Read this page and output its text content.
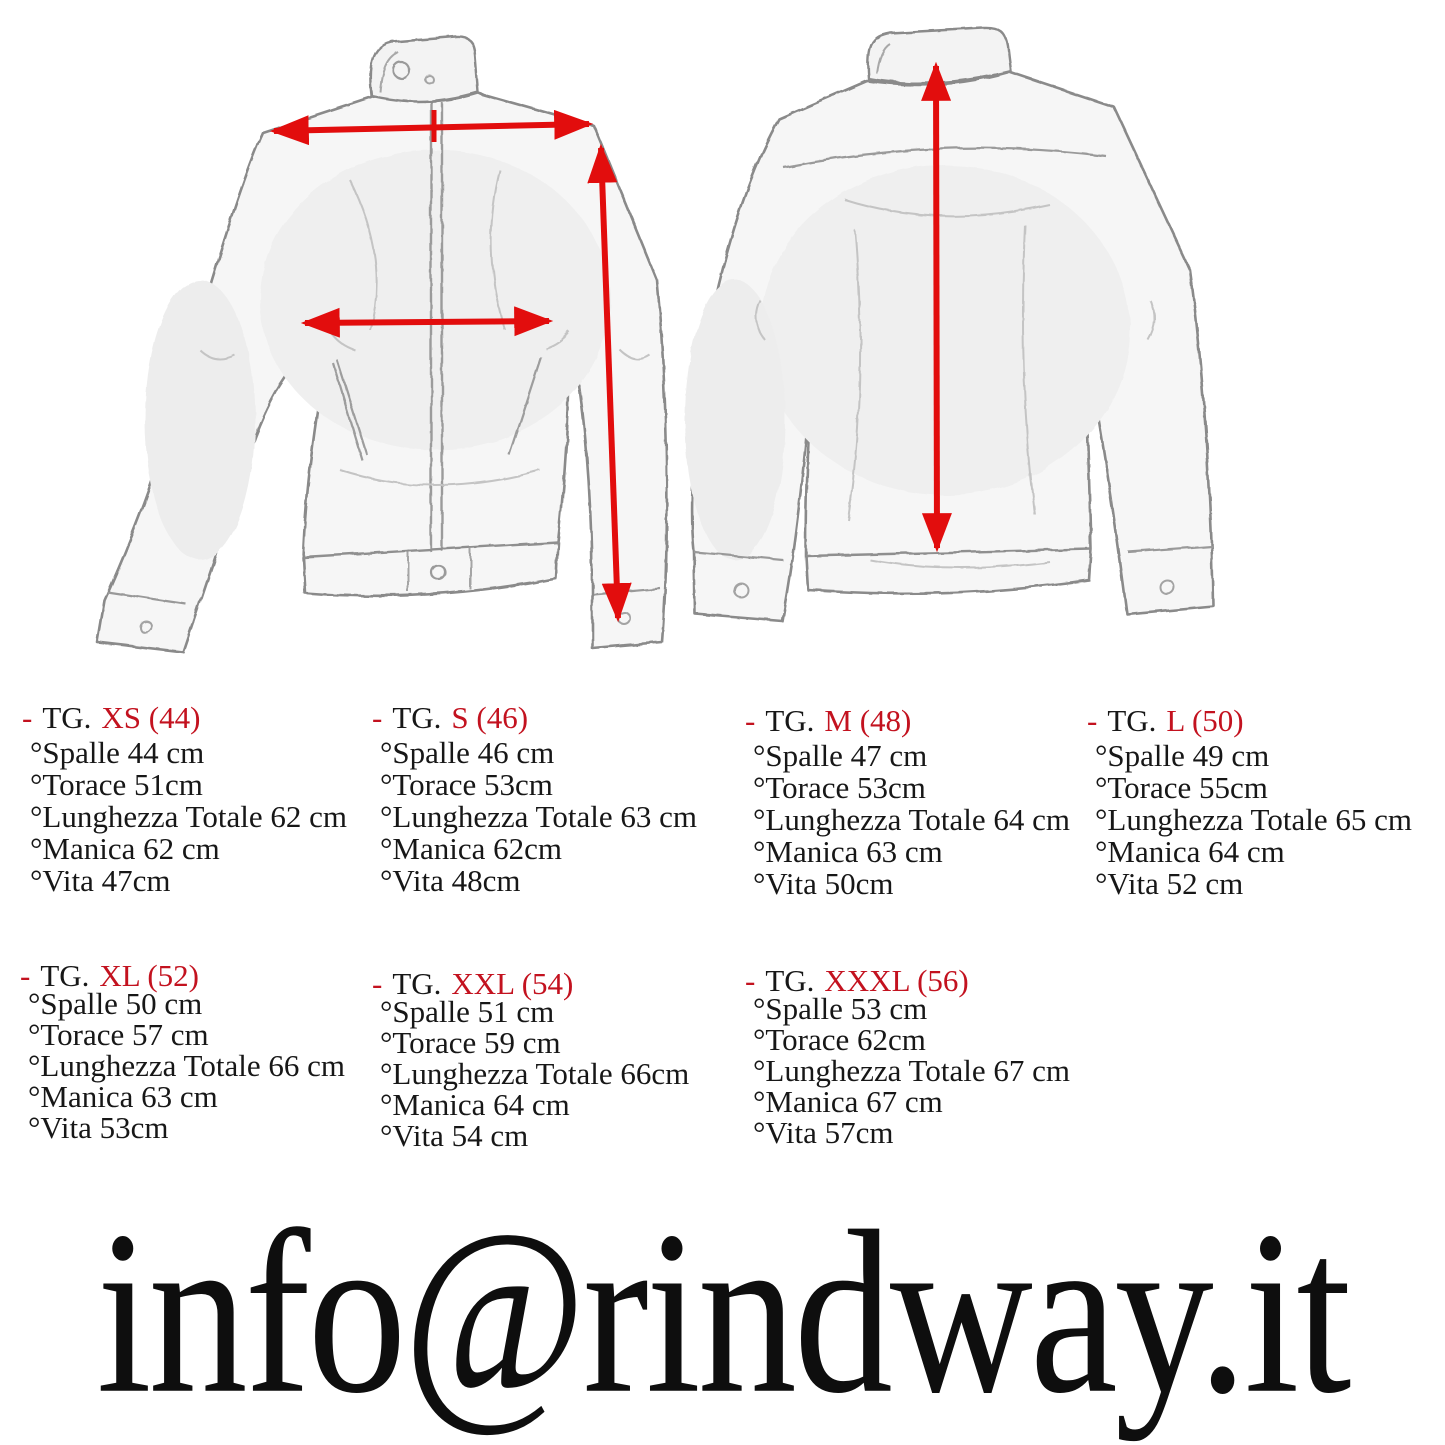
- TG. XS (44)
°Spalle 44 cm
°Torace 51cm
°Lunghezza Totale 62 cm
°Manica 62 cm
°Vita 47cm
- TG. S (46)
°Spalle 46 cm
°Torace 53cm
°Lunghezza Totale 63 cm
°Manica 62cm
°Vita 48cm
- TG. M (48)
°Spalle 47 cm
°Torace 53cm
°Lunghezza Totale 64 cm
°Manica 63 cm
°Vita 50cm
- TG. L (50)
°Spalle 49 cm
°Torace 55cm
°Lunghezza Totale 65 cm
°Manica 64 cm
°Vita 52 cm
- TG. XL (52)
°Spalle 50 cm
°Torace 57 cm
°Lunghezza Totale 66 cm
°Manica 63 cm
°Vita 53cm
- TG. XXL (54)
°Spalle 51 cm
°Torace 59 cm
°Lunghezza Totale 66cm
°Manica 64 cm
°Vita 54 cm
- TG. XXXL (56)
°Spalle 53 cm
°Torace 62cm
°Lunghezza Totale 67 cm
°Manica 67 cm
°Vita 57cm
info@rindway.it
